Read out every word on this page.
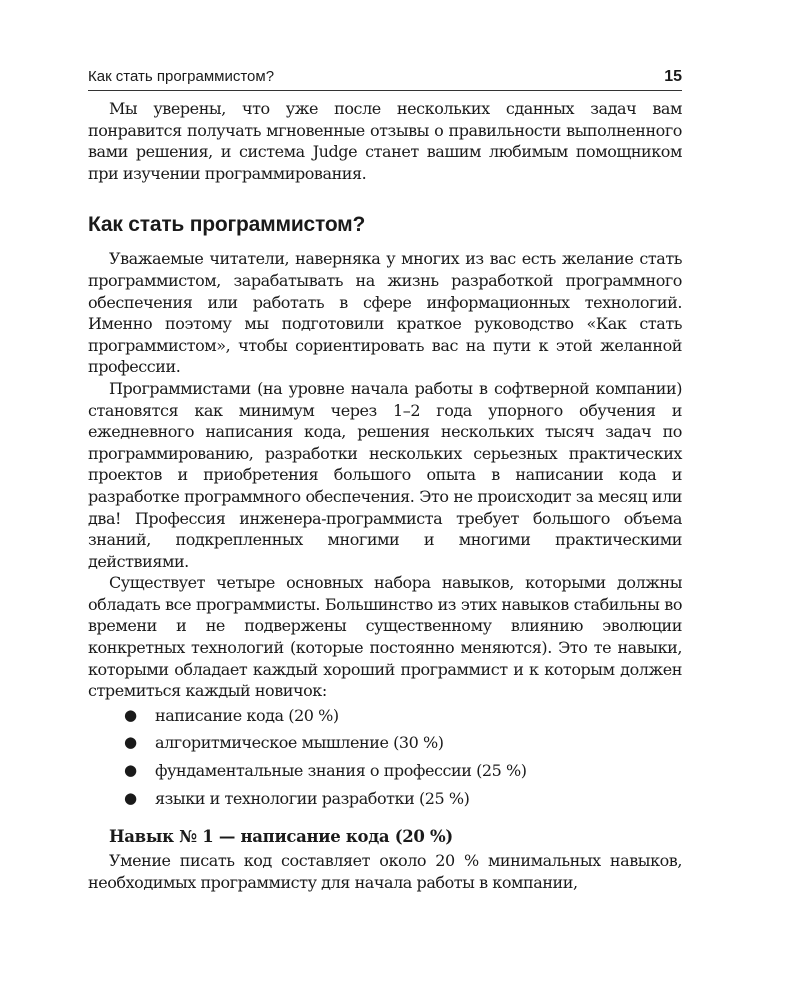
Как стать программистом?	15

Мы уверены, что уже после нескольких сданных задач вам понравится получать мгновенные отзывы о правильности выполненного вами решения, и система Judge станет вашим любимым помощником при изучении программирования.

Как стать программистом?

Уважаемые читатели, наверняка у многих из вас есть желание стать программистом, зарабатывать на жизнь разработкой программного обеспечения или работать в сфере информационных технологий. Именно поэтому мы подготовили краткое руководство «Как стать программистом», чтобы сориентировать вас на пути к этой желанной профессии.

Программистами (на уровне начала работы в софтверной компании) становятся как минимум через 1–2 года упорного обучения и ежедневного написания кода, решения нескольких тысяч задач по программированию, разработки нескольких серьезных практических проектов и приобретения большого опыта в написании кода и разработке программного обеспечения. Это не происходит за месяц или два! Профессия инженера-программиста требует большого объема знаний, подкрепленных многими и многими практическими действиями.

Существует четыре основных набора навыков, которыми должны обладать все программисты. Большинство из этих навыков стабильны во времени и не подвержены существенному влиянию эволюции конкретных технологий (которые постоянно меняются). Это те навыки, которыми обладает каждый хороший программист и к которым должен стремиться каждый новичок:

● написание кода (20 %)
● алгоритмическое мышление (30 %)
● фундаментальные знания о профессии (25 %)
● языки и технологии разработки (25 %)
Навык № 1 — написание кода (20 %)

Умение писать код составляет около 20 % минимальных навыков, необходимых программисту для начала работы в компании,
